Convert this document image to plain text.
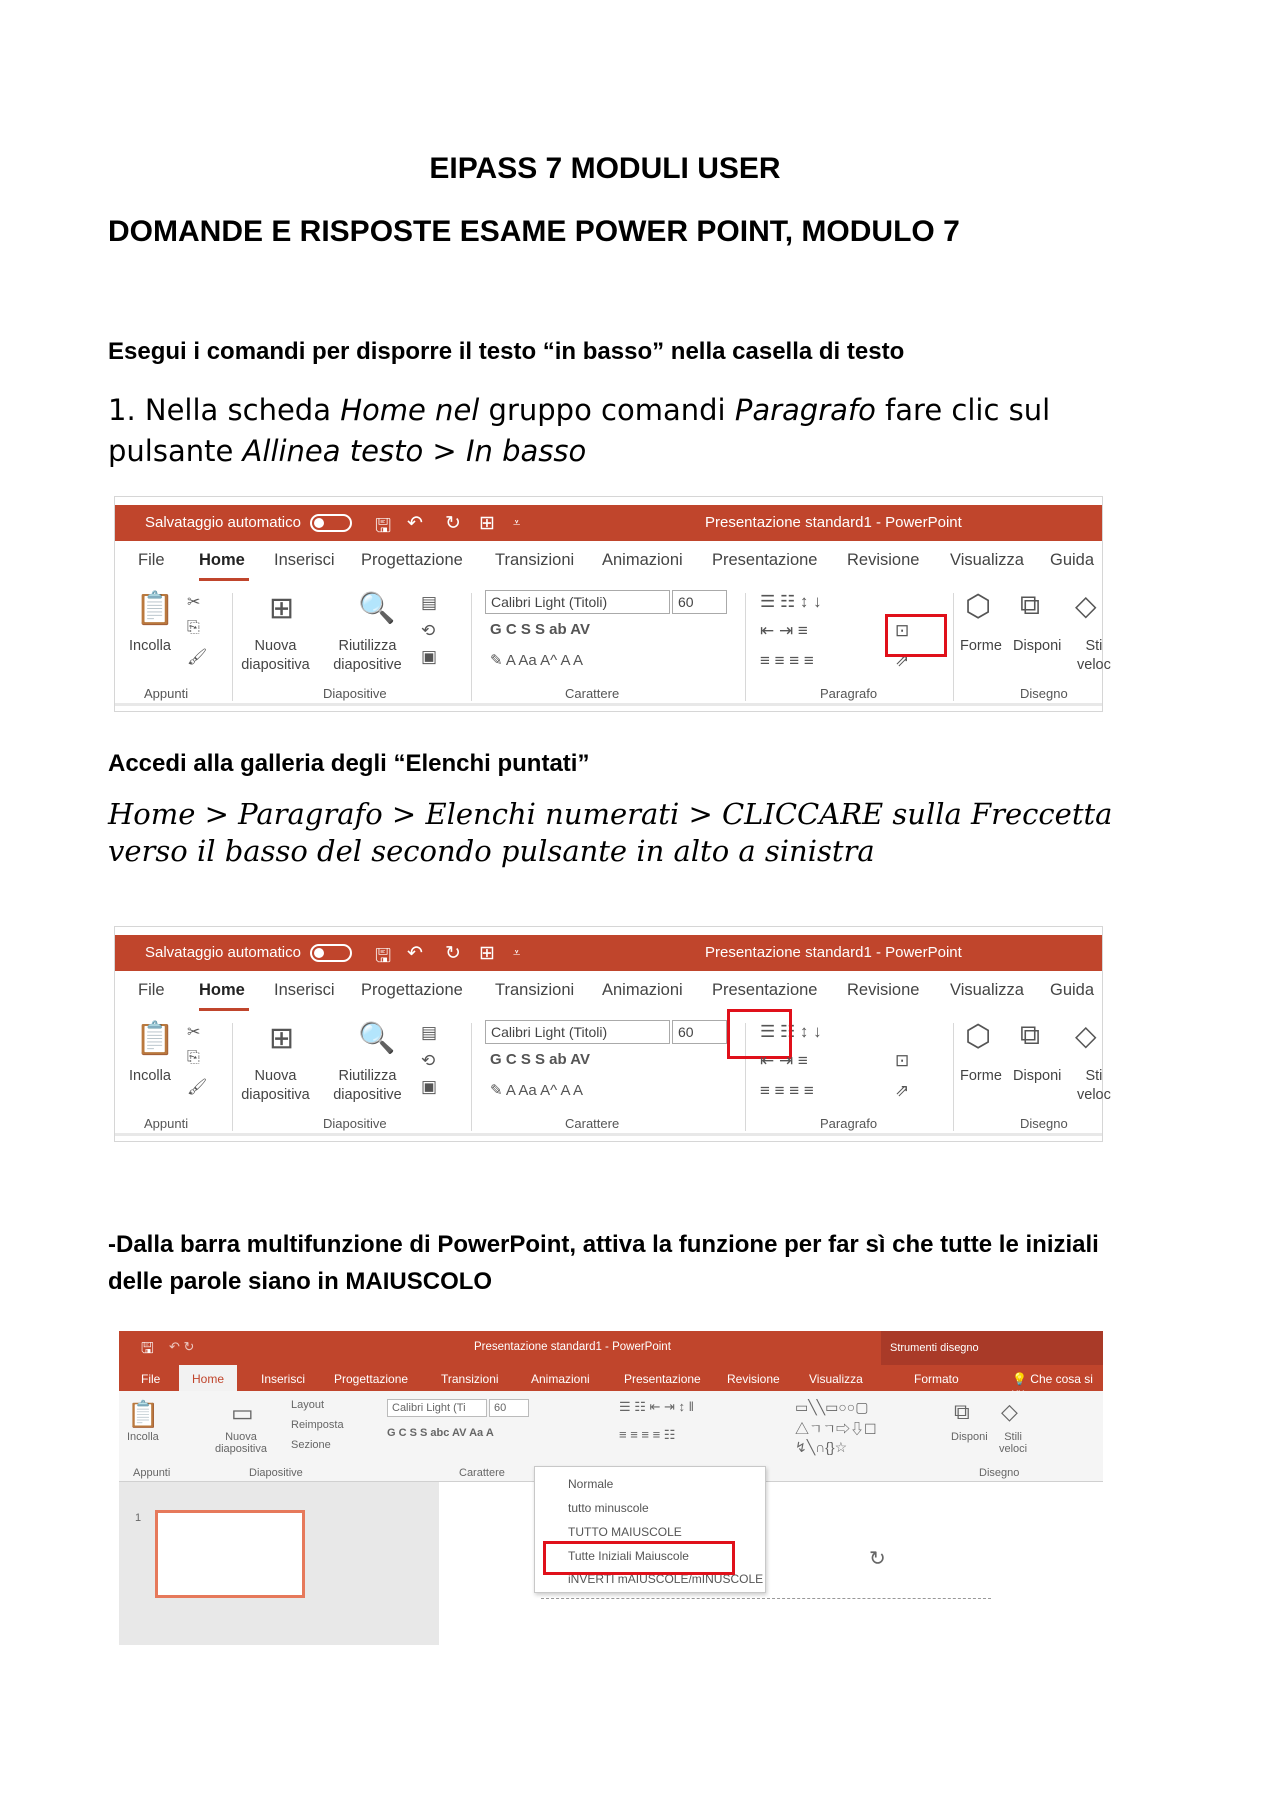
EIPASS 7 MODULI USER
DOMANDE E RISPOSTE ESAME POWER POINT, MODULO 7
Esegui i comandi per disporre il testo “in basso” nella casella di testo
1. Nella scheda Home nel gruppo comandi Paragrafo fare clic sul pulsante Allinea testo > In basso
Salvataggio automatico	🖫 ↶ ↻ ⊞ ⩡	Presentazione standard1 - PowerPoint
File Home Inserisci Progettazione Transizioni Animazioni Presentazione Revisione Visualizza Guida
📋 ✂
⎘
🖌
Incolla
Appunti
⊞
Nuova
diapositiva
🔍
Riutilizza
diapositive
▤
⟲
▣
Diapositive
Calibri Light (Titoli)	60
G C S S ab AV
✎ A Aa A^ A A
Carattere
☰ ☷ ↕ ↓
⇤ ⇥ ≡
≡ ≡ ≡ ≡
⊡
⇗
Paragrafo
⬡ ⧉ ◇
Forme Disponi	Sti
veloc
Disegno
Accedi alla galleria degli “Elenchi puntati”
Home > Paragrafo > Elenchi numerati > CLICCARE sulla Freccetta verso il basso del secondo pulsante in alto a sinistra
Salvataggio automatico	🖫 ↶ ↻ ⊞ ⩡	Presentazione standard1 - PowerPoint
File Home Inserisci Progettazione Transizioni Animazioni Presentazione Revisione Visualizza Guida
📋 ✂
⎘
🖌
Incolla
Appunti
⊞
Nuova
diapositiva
🔍
Riutilizza
diapositive
▤
⟲
▣
Diapositive
Calibri Light (Titoli)	60
G C S S ab AV
✎ A Aa A^ A A
Carattere
☰ ☷ ↕ ↓
⇤ ⇥ ≡
≡ ≡ ≡ ≡
⊡
⇗
Paragrafo
⬡ ⧉ ◇
Forme Disponi	Sti
veloc
Disegno
-Dalla barra multifunzione di PowerPoint, attiva la funzione per far sì che tutte le iniziali delle parole siano in MAIUSCOLO
🖫 ↶ ↻	Presentazione standard1 - PowerPoint	Strumenti disegno
File	Home	Inserisci Progettazione	Transizioni	Animazioni	Presentazione Revisione Visualizza	Formato	💡 Che cosa si
📋
Incolla
Appunti
▭
Nuova
diapositiva
Layout
Reimposta
Sezione
Diapositive
Calibri Light (Ti	60
G C S S abc AV Aa A
Carattere
☰ ☷ ⇤ ⇥ ↕ ‖
≡ ≡ ≡ ≡ ☷
▭╲╲▭○○▢
△ㄱㄱ⇨⇩☐
↯╲∩{}☆
⧉
Disponi
◇
Stili
veloci
Disegno
1
↻
Normale
tutto minuscole
TUTTO MAIUSCOLE
Tutte Iniziali Maiuscole
iNVERTI mAIUSCOLE/mINUSCOLE
